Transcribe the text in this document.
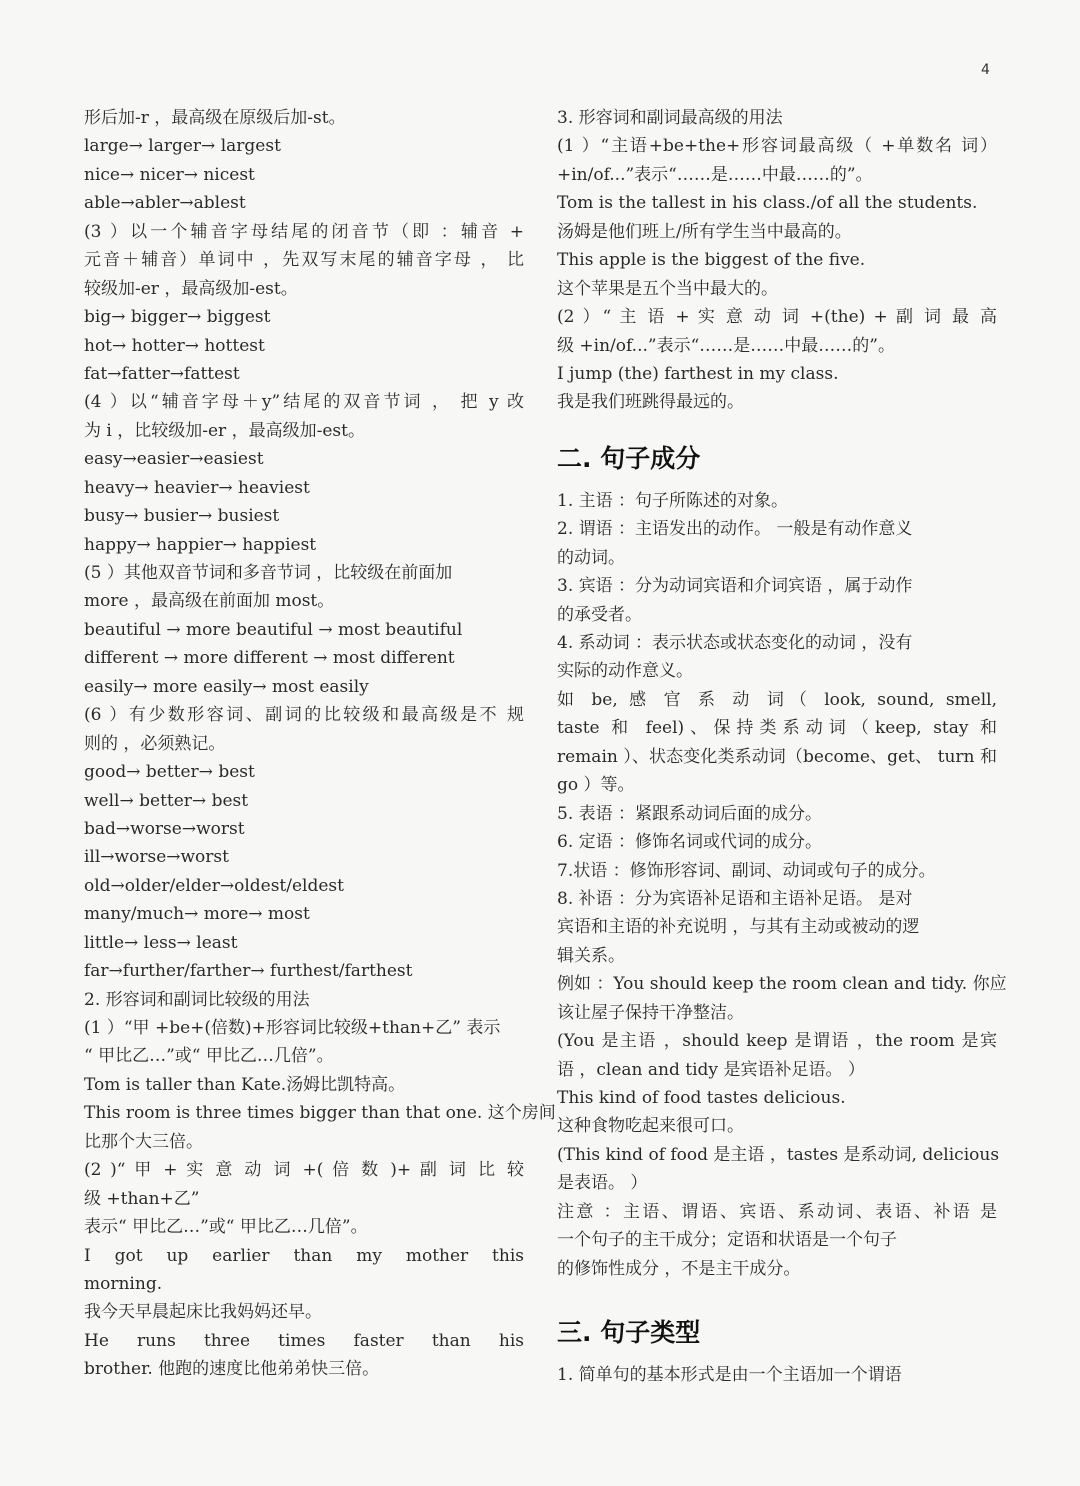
4
形后加-r ，最高级在原级后加-st。
large→ larger→ largest
nice→ nicer→ nicest
able→abler→ablest
(3 ）以一个辅音字母结尾的闭音节（即 ：辅音 +
元音＋辅音）单词中 ，先双写末尾的辅音字母 ， 比
较级加-er ，最高级加-est。
big→ bigger→ biggest
hot→ hotter→ hottest
fat→fatter→fattest
(4 ）以“辅音字母＋y”结尾的双音节词 ， 把 y 改
为 i ，比较级加-er ，最高级加-est。
easy→easier→easiest
heavy→ heavier→ heaviest
busy→ busier→ busiest
happy→ happier→ happiest
(5 ）其他双音节词和多音节词 ，比较级在前面加
more ，最高级在前面加 most。
beautiful → more beautiful → most beautiful
different → more different → most different
easily→ more easily→ most easily
(6 ）有少数形容词、副词的比较级和最高级是不 规
则的 ，必须熟记。
good→ better→ best
well→ better→ best
bad→worse→worst
ill→worse→worst
old→older/elder→oldest/eldest
many/much→ more→ most
little→ less→ least
far→further/farther→ furthest/farthest
2. 形容词和副词比较级的用法
(1 ）“甲 +be+(倍数)+形容词比较级+than+乙” 表示
“ 甲比乙…”或“ 甲比乙…几倍”。
Tom is taller than Kate.汤姆比凯特高。
This room is three times bigger than that one. 这个房间
比那个大三倍。
(2 )“ 甲 + 实 意 动 词 +( 倍 数 )+ 副 词 比 较
级 +than+乙”
表示“ 甲比乙…”或“ 甲比乙…几倍”。
I got up earlier than my mother this
morning.
我今天早晨起床比我妈妈还早。
He runs three times faster than his
brother. 他跑的速度比他弟弟快三倍。
3. 形容词和副词最高级的用法
(1 ）“主语+be+the+形容词最高级（ +单数名 词）
+in/of...”表示“……是……中最……的”。
Tom is the tallest in his class./of all the students.
汤姆是他们班上/所有学生当中最高的。
This apple is the biggest of the five.
这个苹果是五个当中最大的。
(2 ）“ 主 语 + 实 意 动 词 +(the) + 副 词 最 高
级 +in/of...”表示“……是……中最……的”。
I jump (the) farthest in my class.
我是我们班跳得最远的。
二. 句子成分
1. 主语 ：句子所陈述的对象。
2. 谓语 ：主语发出的动作。 一般是有动作意义
的动词。
3. 宾语 ：分为动词宾语和介词宾语 ，属于动作
的承受者。
4. 系动词 ：表示状态或状态变化的动词 ，没有
实际的动作意义。
如 be, 感 官 系 动 词（ look, sound, smell,
taste 和 feel)、保持类系动词（keep, stay 和
remain ）、状态变化类系动词（become、get、 turn 和
go ）等。
5. 表语 ：紧跟系动词后面的成分。
6. 定语 ：修饰名词或代词的成分。
7.状语 ：修饰形容词、副词、动词或句子的成分。
8. 补语 ：分为宾语补足语和主语补足语。 是对
宾语和主语的补充说明 ，与其有主动或被动的逻
辑关系。
例如 ：You should keep the room clean and tidy. 你应
该让屋子保持干净整洁。
(You 是主语 ，should keep 是谓语 ，the room 是宾
语 ，clean and tidy 是宾语补足语。 ）
This kind of food tastes delicious.
这种食物吃起来很可口。
(This kind of food 是主语 ，tastes 是系动词, delicious
是表语。 ）
注意 ：主语、谓语、宾语、系动词、表语、补语 是
一个句子的主干成分；定语和状语是一个句子
的修饰性成分 ，不是主干成分。
三. 句子类型
1. 简单句的基本形式是由一个主语加一个谓语
